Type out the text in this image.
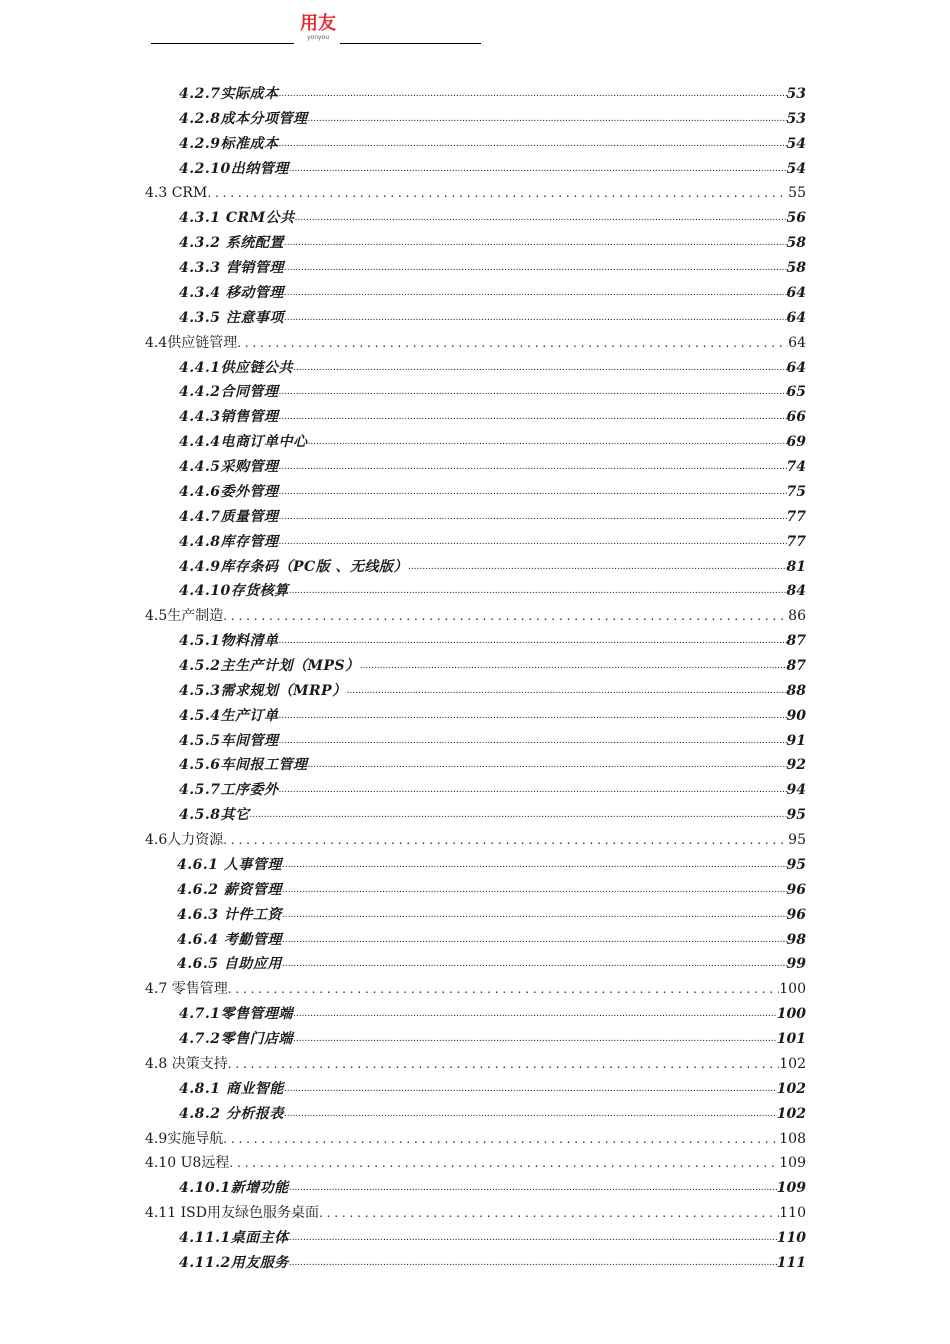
用友
yonyou
4.2.7实际成本 .....	53
4.2.8成本分项管理 .....	53
4.2.9标准成本 .....	54
4.2.10出纳管理 .....	54
4.3 CRM . . .	55
4.3.1 CRM公共 .....	56
4.3.2 系统配置 .....	58
4.3.3 营销管理 .....	58
4.3.4 移动管理 .....	64
4.3.5 注意事项 .....	64
4.4供应链管理 . . .	64
4.4.1供应链公共 .....	64
4.4.2合同管理 .....	65
4.4.3销售管理 .....	66
4.4.4电商订单中心 .....	69
4.4.5采购管理 .....	74
4.4.6委外管理 .....	75
4.4.7质量管理 .....	77
4.4.8库存管理 .....	77
4.4.9库存条码（PC版 、无线版） .....	81
4.4.10存货核算 .....	84
4.5生产制造 . . .	86
4.5.1物料清单 .....	87
4.5.2主生产计划（MPS） .....	87
4.5.3需求规划（MRP） .....	88
4.5.4生产订单 .....	90
4.5.5车间管理 .....	91
4.5.6车间报工管理 .....	92
4.5.7工序委外 .....	94
4.5.8其它 .....	95
4.6人力资源 . . .	95
4.6.1 人事管理 .....	95
4.6.2 薪资管理 .....	96
4.6.3 计件工资 .....	96
4.6.4 考勤管理 .....	98
4.6.5 自助应用 .....	99
4.7 零售管理 . . .	100
4.7.1零售管理端 .....	100
4.7.2零售门店端 .....	101
4.8 决策支持 . . .	102
4.8.1 商业智能 .....	102
4.8.2 分析报表 .....	102
4.9实施导航 . . .	108
4.10 U8远程 . . .	109
4.10.1新增功能 .....	109
4.11 ISD用友绿色服务桌面 . . .	110
4.11.1桌面主体 .....	110
4.11.2用友服务 .....	111
